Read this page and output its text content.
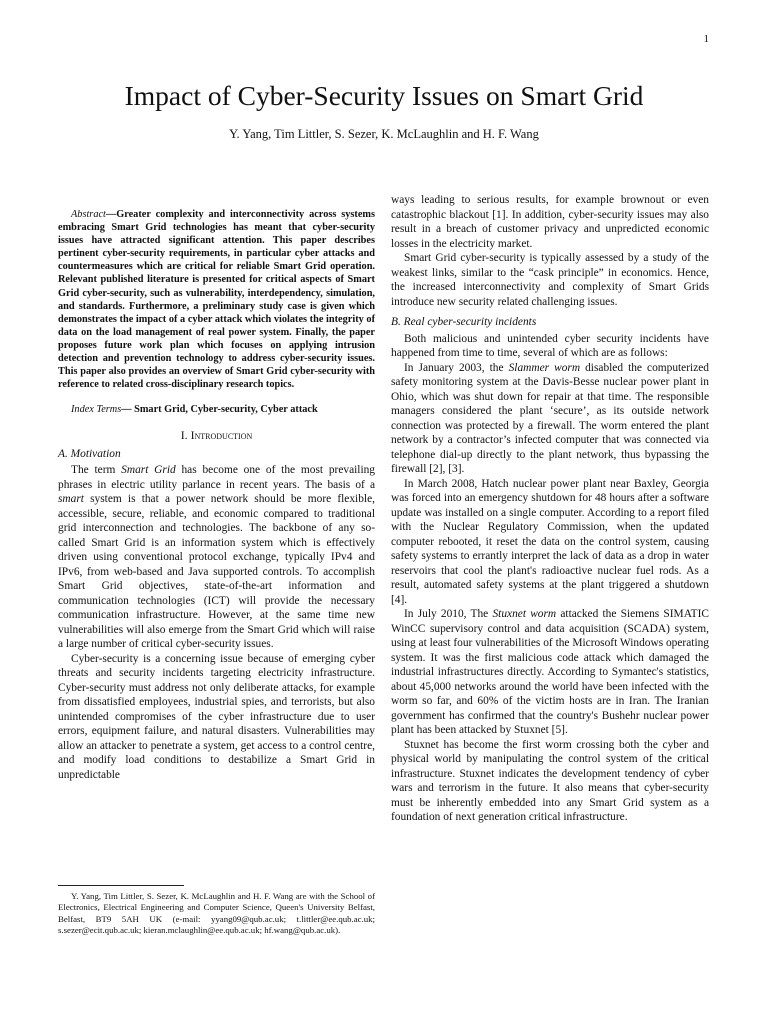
1
Impact of Cyber-Security Issues on Smart Grid
Y. Yang, Tim Littler, S. Sezer, K. McLaughlin and H. F. Wang

Abstract—Greater complexity and interconnectivity across systems embracing Smart Grid technologies has meant that cyber-security issues have attracted significant attention. This paper describes pertinent cyber-security requirements, in particular cyber attacks and countermeasures which are critical for reliable Smart Grid operation. Relevant published literature is presented for critical aspects of Smart Grid cyber-security, such as vulnerability, interdependency, simulation, and standards. Furthermore, a preliminary study case is given which demonstrates the impact of a cyber attack which violates the integrity of data on the load management of real power system. Finally, the paper proposes future work plan which focuses on applying intrusion detection and prevention technology to address cyber-security issues. This paper also provides an overview of Smart Grid cyber-security with reference to related cross-disciplinary research topics.

Index Terms— Smart Grid, Cyber-security, Cyber attack

I. Introduction

A. Motivation

The term Smart Grid has become one of the most prevailing phrases in electric utility parlance in recent years. The basis of a smart system is that a power network should be more flexible, accessible, secure, reliable, and economic compared to traditional grid interconnection and technologies. The backbone of any so-called Smart Grid is an information system which is effectively driven using conventional protocol exchange, typically IPv4 and IPv6, from web-based and Java supported controls. To accomplish Smart Grid objectives, state-of-the-art information and communication technologies (ICT) will provide the necessary communication infrastructure. However, at the same time new vulnerabilities will also emerge from the Smart Grid which will raise a large number of critical cyber-security issues.

Cyber-security is a concerning issue because of emerging cyber threats and security incidents targeting electricity infrastructure. Cyber-security must address not only deliberate attacks, for example from dissatisfied employees, industrial spies, and terrorists, but also unintended compromises of the cyber infrastructure due to user errors, equipment failure, and natural disasters. Vulnerabilities may allow an attacker to penetrate a system, get access to a control centre, and modify load conditions to destabilize a Smart Grid in unpredictable

Y. Yang, Tim Littler, S. Sezer, K. McLaughlin and H. F. Wang are with the School of Electronics, Electrical Engineering and Computer Science, Queen's University Belfast, Belfast, BT9 5AH UK (e-mail: yyang09@qub.ac.uk; t.littler@ee.qub.ac.uk; s.sezer@ecit.qub.ac.uk; kieran.mclaughlin@ee.qub.ac.uk; hf.wang@qub.ac.uk).

ways leading to serious results, for example brownout or even catastrophic blackout [1]. In addition, cyber-security issues may also result in a breach of customer privacy and unpredicted economic losses in the electricity market.

Smart Grid cyber-security is typically assessed by a study of the weakest links, similar to the “cask principle” in economics. Hence, the increased interconnectivity and complexity of Smart Grids introduce new security related challenging issues.

B. Real cyber-security incidents

Both malicious and unintended cyber security incidents have happened from time to time, several of which are as follows:

In January 2003, the Slammer worm disabled the computerized safety monitoring system at the Davis-Besse nuclear power plant in Ohio, which was shut down for repair at that time. The responsible managers considered the plant ‘secure’, as its outside network connection was protected by a firewall. The worm entered the plant network by a contractor’s infected computer that was connected via telephone dial-up directly to the plant network, thus bypassing the firewall [2], [3].

In March 2008, Hatch nuclear power plant near Baxley, Georgia was forced into an emergency shutdown for 48 hours after a software update was installed on a single computer. According to a report filed with the Nuclear Regulatory Commission, when the updated computer rebooted, it reset the data on the control system, causing safety systems to errantly interpret the lack of data as a drop in water reservoirs that cool the plant's radioactive nuclear fuel rods. As a result, automated safety systems at the plant triggered a shutdown [4].

In July 2010, The Stuxnet worm attacked the Siemens SIMATIC WinCC supervisory control and data acquisition (SCADA) system, using at least four vulnerabilities of the Microsoft Windows operating system. It was the first malicious code attack which damaged the industrial infrastructures directly. According to Symantec's statistics, about 45,000 networks around the world have been infected with the worm so far, and 60% of the victim hosts are in Iran. The Iranian government has confirmed that the country's Bushehr nuclear power plant has been attacked by Stuxnet [5].

Stuxnet has become the first worm crossing both the cyber and physical world by manipulating the control system of the critical infrastructure. Stuxnet indicates the development tendency of cyber wars and terrorism in the future. It also means that cyber-security must be inherently embedded into any Smart Grid system as a foundation of next generation critical infrastructure.
